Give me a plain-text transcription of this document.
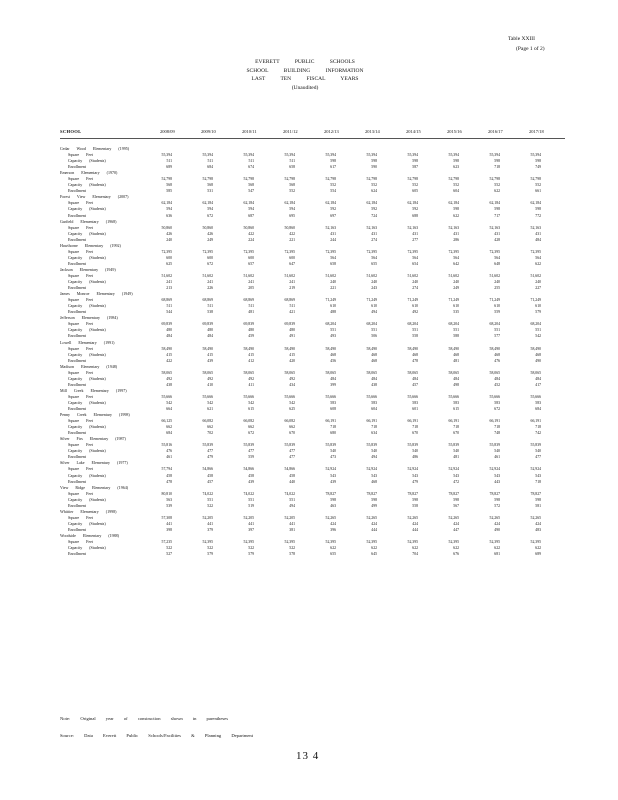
Table XXIII
(Page 1 of 2)
EVERETT PUBLIC SCHOOLS
SCHOOL BUILDING INFORMATION
LAST TEN FISCAL YEARS
(Unaudited)
SCHOOL	2008/09	2009/10	2010/11	2011/12	2012/13	2013/14	2014/15	2015/16	2016/17	2017/18
Cedar Wood Elementary (1995)
Square Feet	55,394	55,394	55,394	55,394	55,394	55,394	55,394	55,394	55,394	55,394
Capacity (Students)	511	511	511	511	598	598	598	598	598	598
Enrollment	689	684	674	658	617	590	587	623	718	749
Emerson Elementary (1970)
Square Feet	52,798	52,798	52,798	52,798	52,798	52,798	52,798	52,798	52,798	52,798
Capacity (Students)	568	568	568	568	552	552	552	552	552	552
Enrollment	585	531	547	552	554	624	605	604	622	661
Forest View Elementary (2007)
Square Feet	62,184	62,184	62,184	62,184	62,184	62,184	62,184	62,184	62,184	62,184
Capacity (Students)	594	594	594	594	592	592	592	598	598	598
Enrollment	636	672	687	695	697	724	688	622	717	772
Garfield Elementary (1968)
Square Feet	50,860	50,860	50,860	50,860	52,163	52,163	52,163	52,163	52,163	52,163
Capacity (Students)	426	426	422	422	431	431	431	431	431	431
Enrollment	240	249	224	221	244	274	277	286	428	484
Hawthorne Elementary (1992)
Square Feet	72,395	72,395	72,395	72,395	72,395	72,395	72,395	72,395	72,395	72,395
Capacity (Students)	600	600	600	600	564	564	564	564	564	564
Enrollment	625	672	657	647	658	655	654	642	648	622
Jackson Elementary (1949)
Square Feet	51,602	51,602	51,602	51,602	51,602	51,602	51,602	51,602	51,602	51,602
Capacity (Students)	241	241	241	241	240	240	240	240	240	240
Enrollment	213	226	205	219	221	243	274	249	255	227
James Monroe Elementary (1949)
Square Feet	68,869	68,869	68,869	68,869	71,249	71,249	71,249	71,249	71,249	71,249
Capacity (Students)	511	511	511	511	610	610	610	610	610	610
Enrollment	544	538	481	421	488	494	492	535	559	579
Jefferson Elementary (1984)
Square Feet	69,839	69,839	69,839	69,839	68,204	68,204	68,204	68,204	68,204	68,204
Capacity (Students)	480	480	480	480	551	551	551	551	551	551
Enrollment	484	484	459	491	493	506	558	588	577	542
Lowell Elementary (1991)
Square Feet	58,490	58,490	58,490	58,490	58,490	58,490	58,490	58,490	58,490	58,490
Capacity (Students)	415	415	415	415	468	468	468	468	468	468
Enrollment	422	439	412	420	456	468	478	481	476	490
Madison Elementary (1948)
Square Feet	58,065	58,065	58,065	58,065	58,065	58,065	58,065	58,065	58,065	58,065
Capacity (Students)	492	492	492	492	484	484	484	484	484	484
Enrollment	438	410	411	434	399	438	457	498	452	417
Mill Creek Elementary (1997)
Square Feet	55,666	55,666	55,666	55,666	55,666	55,666	55,666	55,666	55,666	55,666
Capacity (Students)	542	542	542	542	583	583	583	583	583	583
Enrollment	664	621	615	625	608	604	601	615	672	684
Penny Creek Elementary (1998)
Square Feet	66,125	66,082	66,082	66,082	66,191	66,191	66,191	66,191	66,191	66,191
Capacity (Students)	662	662	662	662	718	718	718	718	718	718
Enrollment	684	702	672	670	680	634	670	670	748	742
Silver Firs Elementary (1987)
Square Feet	55,816	55,839	55,839	55,839	55,839	55,839	55,839	55,839	55,839	55,839
Capacity (Students)	476	477	477	477	540	540	540	540	540	540
Enrollment	461	479	559	477	473	494	486	481	461	477
Silver Lake Elementary (1977)
Square Feet	57,794	54,866	54,866	54,866	52,924	52,924	52,924	52,924	52,924	52,924
Capacity (Students)	458	458	458	458	543	543	543	543	543	543
Enrollment	478	457	439	440	439	468	479	472	443	718
View Ridge Elementary (1964)
Square Feet	80,810	74,022	74,022	74,022	78,827	78,827	78,827	78,827	78,827	78,827
Capacity (Students)	563	551	551	551	598	598	598	598	598	598
Enrollment	539	522	519	494	463	499	558	567	572	581
Whittier Elementary (1998)
Square Feet	57,308	52,205	52,205	52,205	52,265	52,265	52,265	52,265	52,265	52,265
Capacity (Students)	441	441	441	441	424	424	424	424	424	424
Enrollment	398	379	397	381	396	444	444	447	490	483
Woodside Elementary (1988)
Square Feet	57,235	52,395	52,395	52,395	52,395	52,395	52,395	52,395	52,395	52,395
Capacity (Students)	522	522	522	522	622	622	622	622	622	622
Enrollment	527	579	579	578	655	645	704	676	681	689
Note: Original year of construction shown in parentheses
Source: Data Everett Public Schools/Facilities & Planning Department
13 4
